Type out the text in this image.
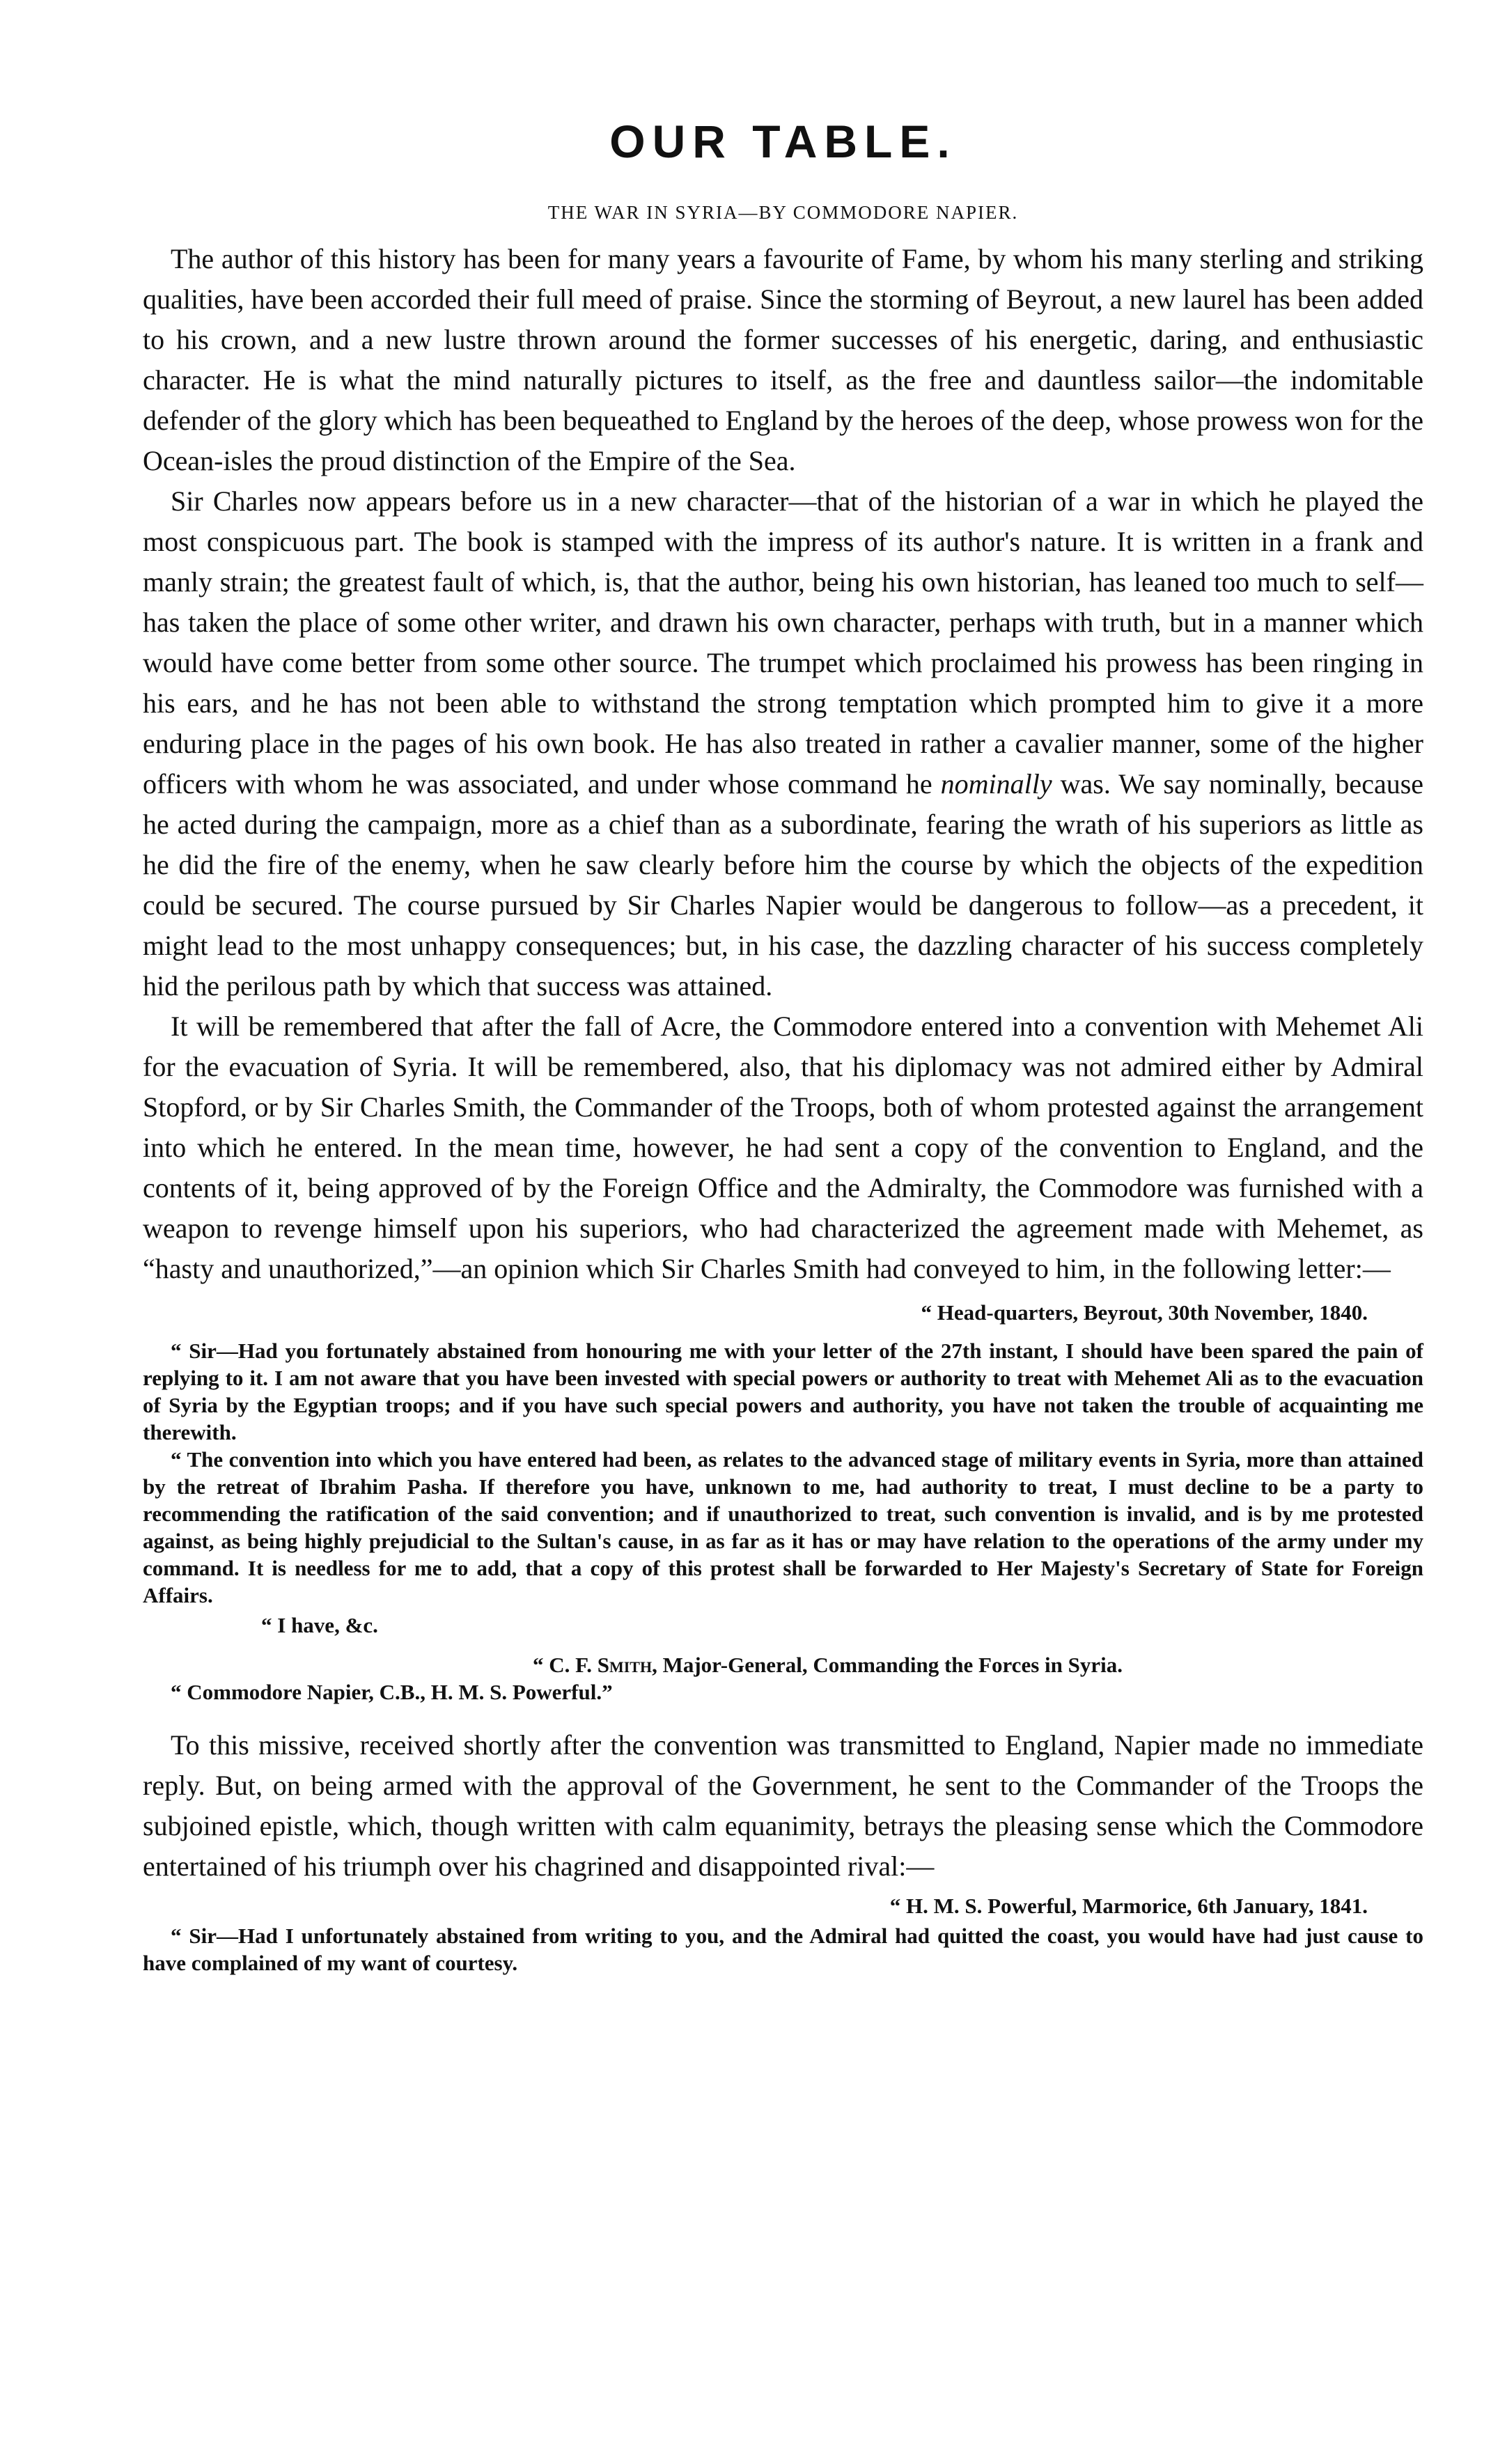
OUR TABLE.
THE WAR IN SYRIA—BY COMMODORE NAPIER.

The author of this history has been for many years a favourite of Fame, by whom his many sterling and striking qualities, have been accorded their full meed of praise. Since the storming of Beyrout, a new laurel has been added to his crown, and a new lustre thrown around the former successes of his energetic, daring, and enthusiastic character. He is what the mind naturally pictures to itself, as the free and dauntless sailor—the indomitable defender of the glory which has been bequeathed to England by the heroes of the deep, whose prowess won for the Ocean-isles the proud distinction of the Empire of the Sea.

Sir Charles now appears before us in a new character—that of the historian of a war in which he played the most conspicuous part. The book is stamped with the impress of its author's nature. It is written in a frank and manly strain; the greatest fault of which, is, that the author, being his own historian, has leaned too much to self—has taken the place of some other writer, and drawn his own character, perhaps with truth, but in a manner which would have come better from some other source. The trumpet which proclaimed his prowess has been ringing in his ears, and he has not been able to withstand the strong temptation which prompted him to give it a more enduring place in the pages of his own book. He has also treated in rather a cavalier manner, some of the higher officers with whom he was associated, and under whose command he nominally was. We say nominally, because he acted during the campaign, more as a chief than as a subordinate, fearing the wrath of his superiors as little as he did the fire of the enemy, when he saw clearly before him the course by which the objects of the expedition could be secured. The course pursued by Sir Charles Napier would be dangerous to follow—as a precedent, it might lead to the most unhappy consequences; but, in his case, the dazzling character of his success completely hid the perilous path by which that success was attained.

It will be remembered that after the fall of Acre, the Commodore entered into a convention with Mehemet Ali for the evacuation of Syria. It will be remembered, also, that his diplomacy was not admired either by Admiral Stopford, or by Sir Charles Smith, the Commander of the Troops, both of whom protested against the arrangement into which he entered. In the mean time, however, he had sent a copy of the convention to England, and the contents of it, being approved of by the Foreign Office and the Admiralty, the Commodore was furnished with a weapon to revenge himself upon his superiors, who had characterized the agreement made with Mehemet, as “hasty and unauthorized,”—an opinion which Sir Charles Smith had conveyed to him, in the following letter:—

“ Head-quarters, Beyrout, 30th November, 1840.

“ Sir—Had you fortunately abstained from honouring me with your letter of the 27th instant, I should have been spared the pain of replying to it. I am not aware that you have been invested with special powers or authority to treat with Mehemet Ali as to the evacuation of Syria by the Egyptian troops; and if you have such special powers and authority, you have not taken the trouble of acquainting me therewith.

“ The convention into which you have entered had been, as relates to the advanced stage of military events in Syria, more than attained by the retreat of Ibrahim Pasha. If therefore you have, unknown to me, had authority to treat, I must decline to be a party to recommending the ratification of the said convention; and if unauthorized to treat, such convention is invalid, and is by me protested against, as being highly prejudicial to the Sultan's cause, in as far as it has or may have relation to the operations of the army under my command. It is needless for me to add, that a copy of this protest shall be forwarded to Her Majesty's Secretary of State for Foreign Affairs.

“ I have, &c.
“ C. F. Smith, Major-General, Commanding the Forces in Syria.
“ Commodore Napier, C.B., H. M. S. Powerful.”

To this missive, received shortly after the convention was transmitted to England, Napier made no immediate reply. But, on being armed with the approval of the Government, he sent to the Commander of the Troops the subjoined epistle, which, though written with calm equanimity, betrays the pleasing sense which the Commodore entertained of his triumph over his chagrined and disappointed rival:—

“ H. M. S. Powerful, Marmorice, 6th January, 1841.

“ Sir—Had I unfortunately abstained from writing to you, and the Admiral had quitted the coast, you would have had just cause to have complained of my want of courtesy.
